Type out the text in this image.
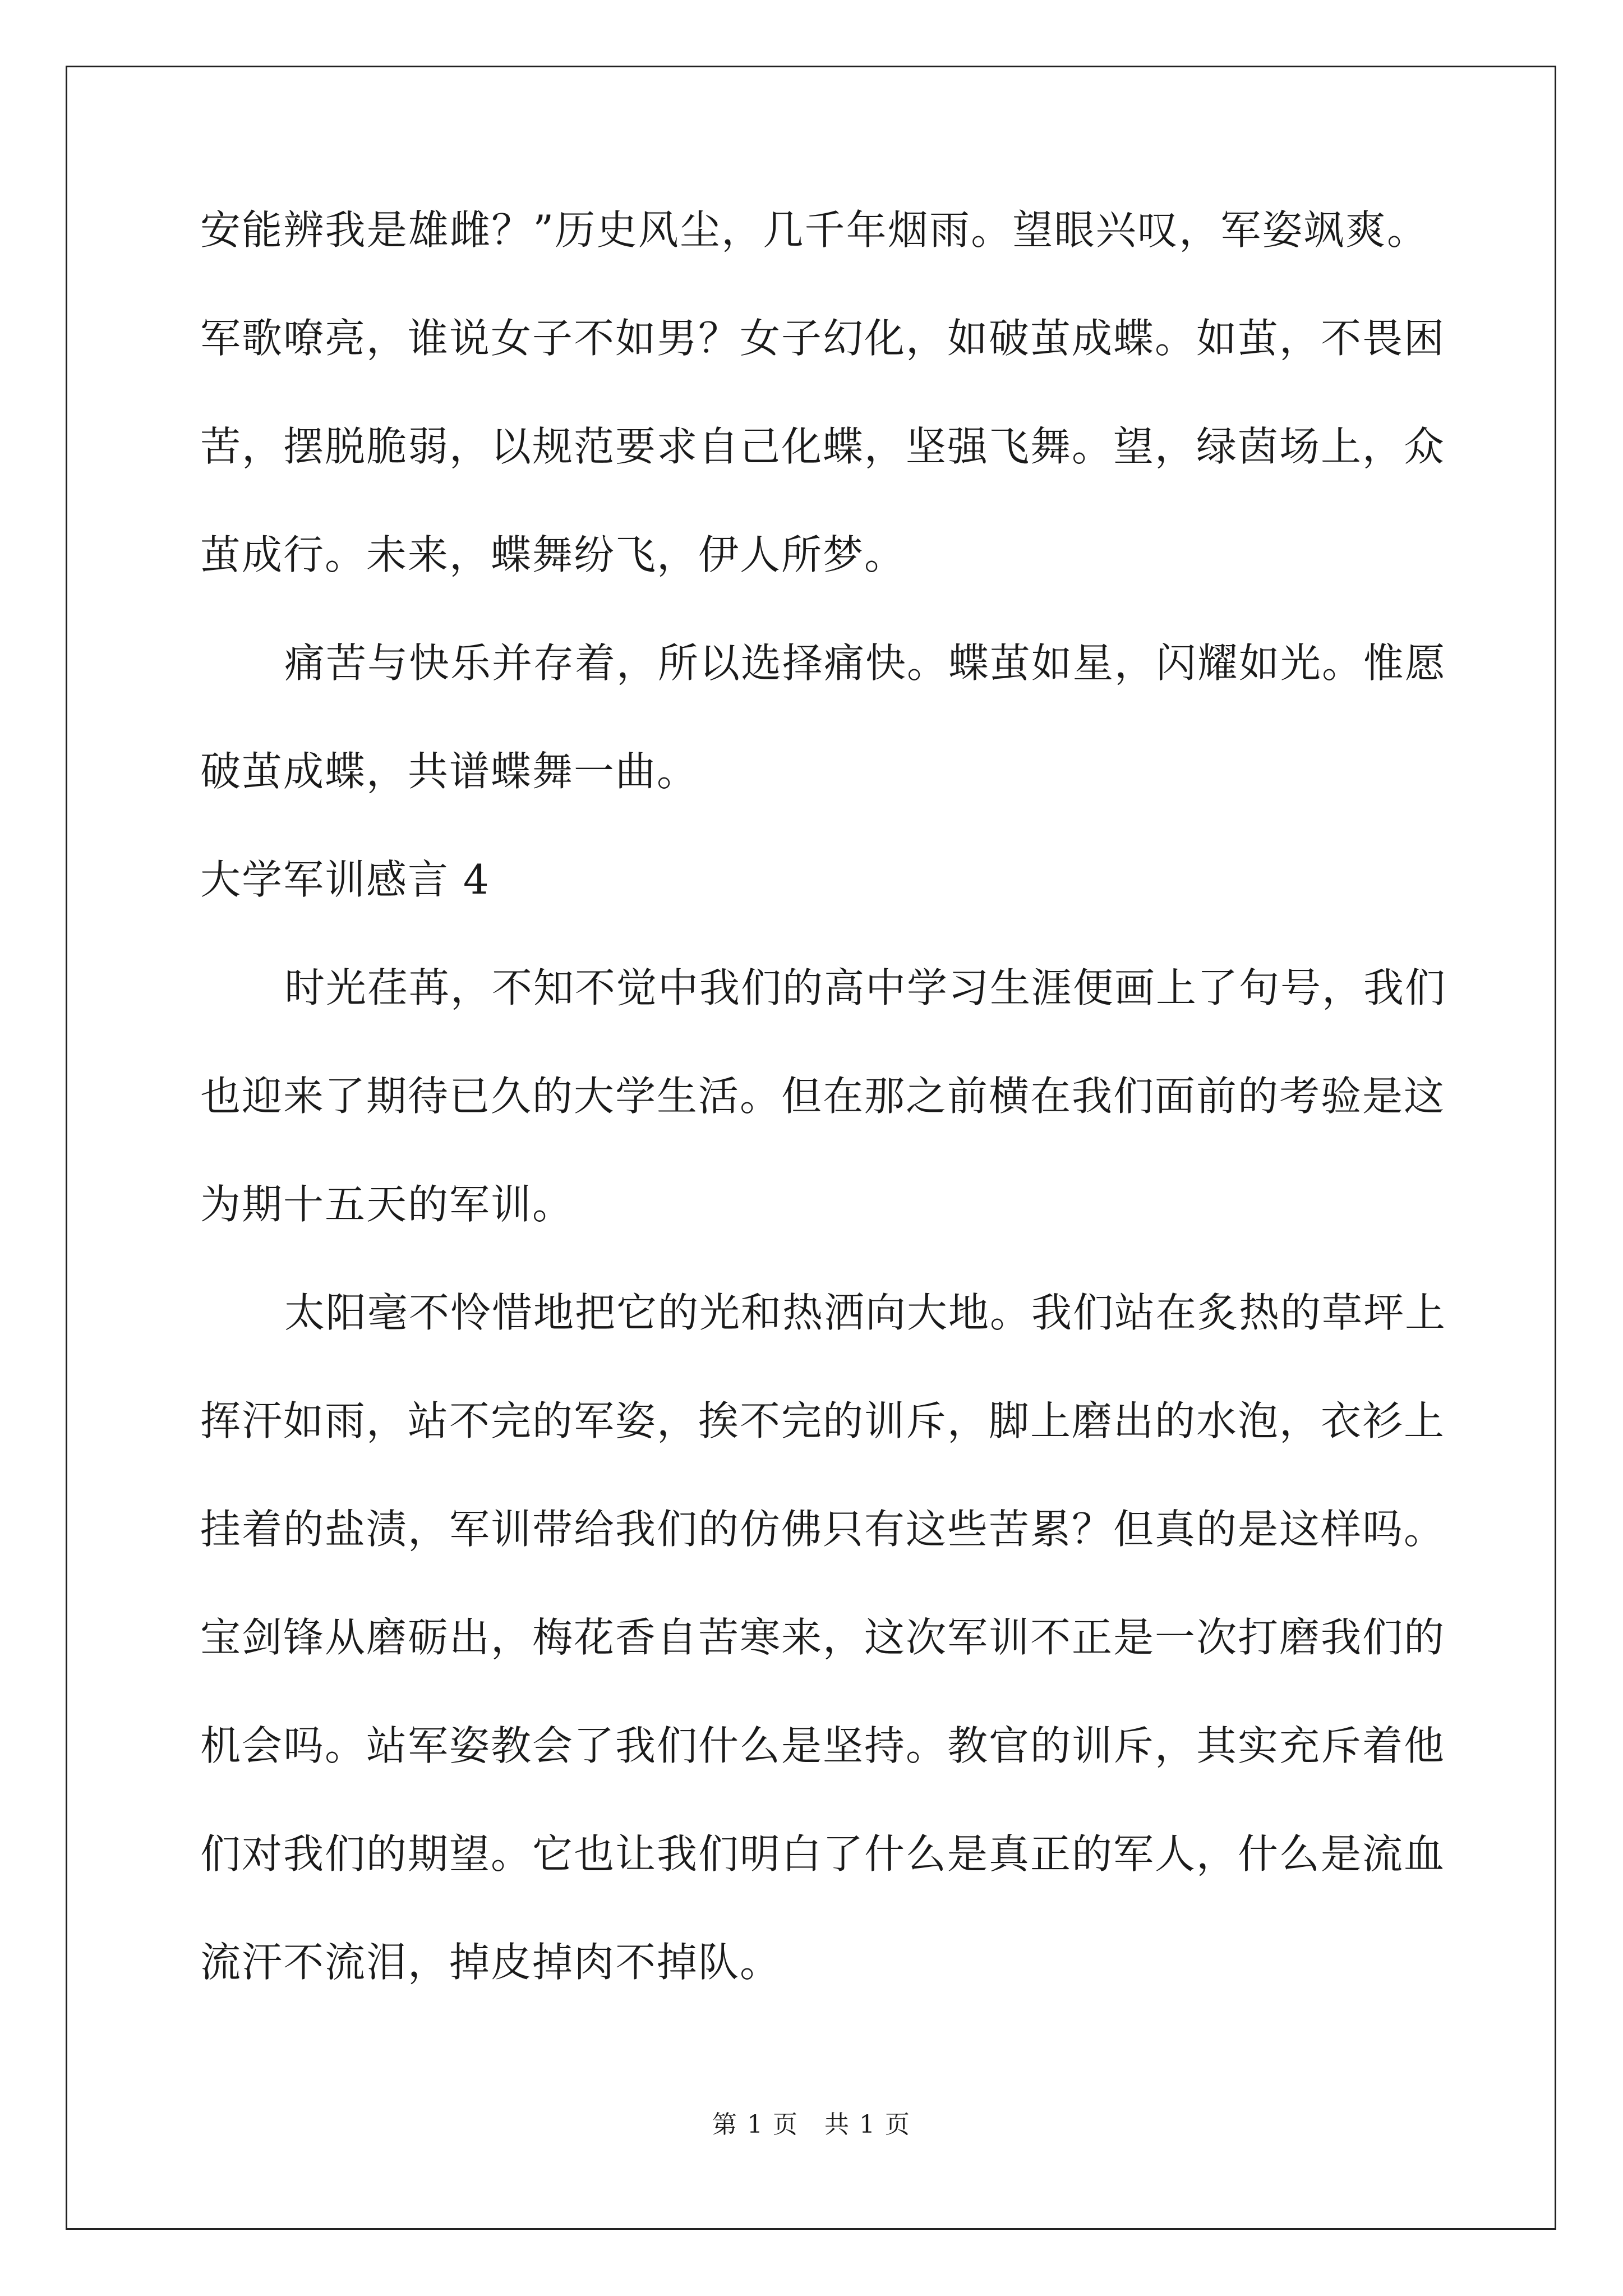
安能辨我是雄雌？”历史风尘，几千年烟雨。望眼兴叹，军姿飒爽。

军歌嘹亮，谁说女子不如男？女子幻化，如破茧成蝶。如茧，不畏困

苦，摆脱脆弱，以规范要求自己化蝶，坚强飞舞。望，绿茵场上，众

茧成行。未来，蝶舞纷飞，伊人所梦。

痛苦与快乐并存着，所以选择痛快。蝶茧如星，闪耀如光。惟愿

破茧成蝶，共谱蝶舞一曲。

大学军训感言 4

时光荏苒，不知不觉中我们的高中学习生涯便画上了句号，我们

也迎来了期待已久的大学生活。但在那之前横在我们面前的考验是这

为期十五天的军训。

太阳毫不怜惜地把它的光和热洒向大地。我们站在炙热的草坪上

挥汗如雨，站不完的军姿，挨不完的训斥，脚上磨出的水泡，衣衫上

挂着的盐渍，军训带给我们的仿佛只有这些苦累？但真的是这样吗。

宝剑锋从磨砺出，梅花香自苦寒来，这次军训不正是一次打磨我们的

机会吗。站军姿教会了我们什么是坚持。教官的训斥，其实充斥着他

们对我们的期望。它也让我们明白了什么是真正的军人，什么是流血

流汗不流泪，掉皮掉肉不掉队。

第 1 页　共 1 页
